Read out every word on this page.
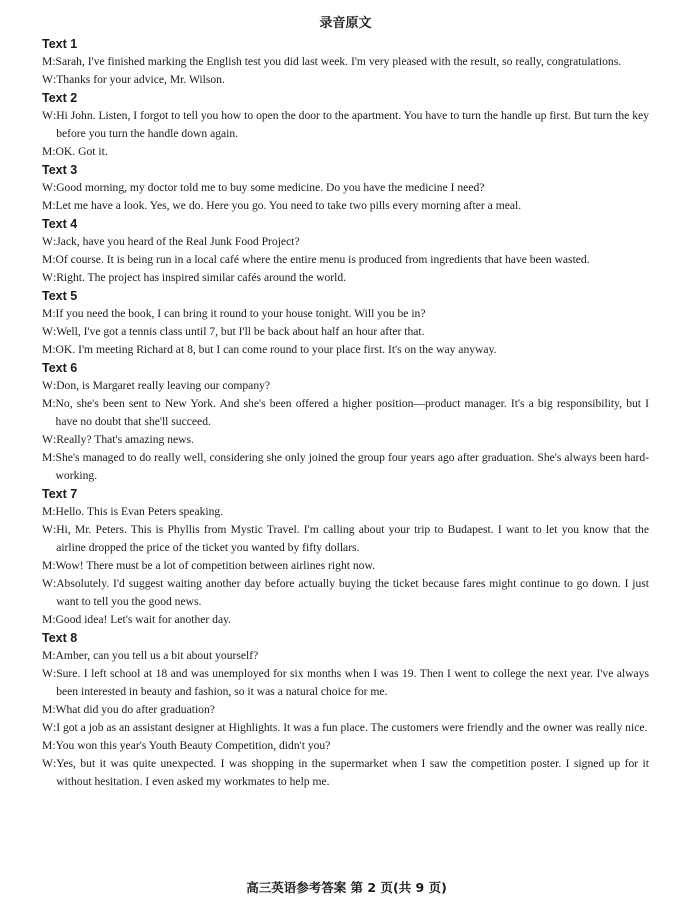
录音原文
Text 1
M : Sarah, I've finished marking the English test you did last week. I'm very pleased with the result, so really, congratulations.
W : Thanks for your advice, Mr. Wilson.
Text 2
W : Hi John. Listen, I forgot to tell you how to open the door to the apartment. You have to turn the handle up first. But turn the key before you turn the handle down again.
M : OK. Got it.
Text 3
W : Good morning, my doctor told me to buy some medicine. Do you have the medicine I need?
M : Let me have a look. Yes, we do. Here you go. You need to take two pills every morning after a meal.
Text 4
W : Jack, have you heard of the Real Junk Food Project?
M : Of course. It is being run in a local café where the entire menu is produced from ingredients that have been wasted.
W : Right. The project has inspired similar cafés around the world.
Text 5
M : If you need the book, I can bring it round to your house tonight. Will you be in?
W : Well, I've got a tennis class until 7, but I'll be back about half an hour after that.
M : OK. I'm meeting Richard at 8, but I can come round to your place first. It's on the way anyway.
Text 6
W : Don, is Margaret really leaving our company?
M : No, she's been sent to New York. And she's been offered a higher position—product manager. It's a big responsibility, but I have no doubt that she'll succeed.
W : Really? That's amazing news.
M : She's managed to do really well, considering she only joined the group four years ago after graduation. She's always been hard-working.
Text 7
M : Hello. This is Evan Peters speaking.
W : Hi, Mr. Peters. This is Phyllis from Mystic Travel. I'm calling about your trip to Budapest. I want to let you know that the airline dropped the price of the ticket you wanted by fifty dollars.
M : Wow! There must be a lot of competition between airlines right now.
W : Absolutely. I'd suggest waiting another day before actually buying the ticket because fares might continue to go down. I just want to tell you the good news.
M : Good idea! Let's wait for another day.
Text 8
M : Amber, can you tell us a bit about yourself?
W : Sure. I left school at 18 and was unemployed for six months when I was 19. Then I went to college the next year. I've always been interested in beauty and fashion, so it was a natural choice for me.
M : What did you do after graduation?
W : I got a job as an assistant designer at Highlights. It was a fun place. The customers were friendly and the owner was really nice.
M : You won this year's Youth Beauty Competition, didn't you?
W : Yes, but it was quite unexpected. I was shopping in the supermarket when I saw the competition poster. I signed up for it without hesitation. I even asked my workmates to help me.
高三英语参考答案 第 2 页(共 9 页)
